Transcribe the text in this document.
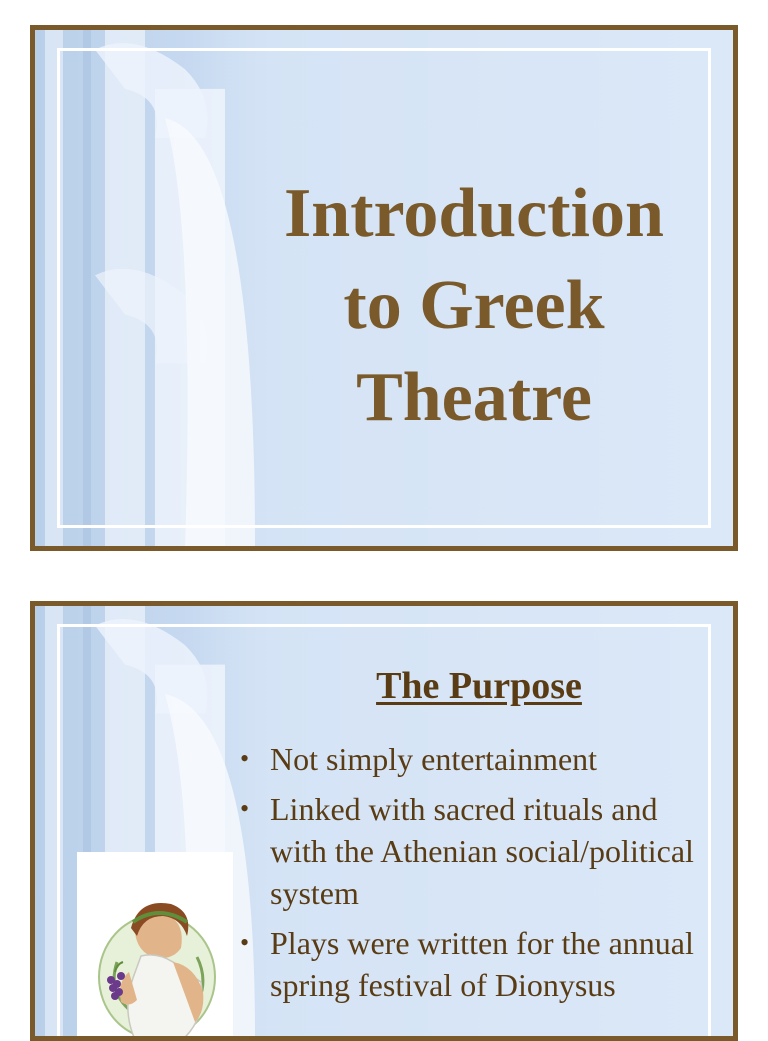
Introduction
to Greek
Theatre
The Purpose
• Not simply entertainment
• Linked with sacred rituals and with the Athenian social/political system
• Plays were written for the annual spring festival of Dionysus
